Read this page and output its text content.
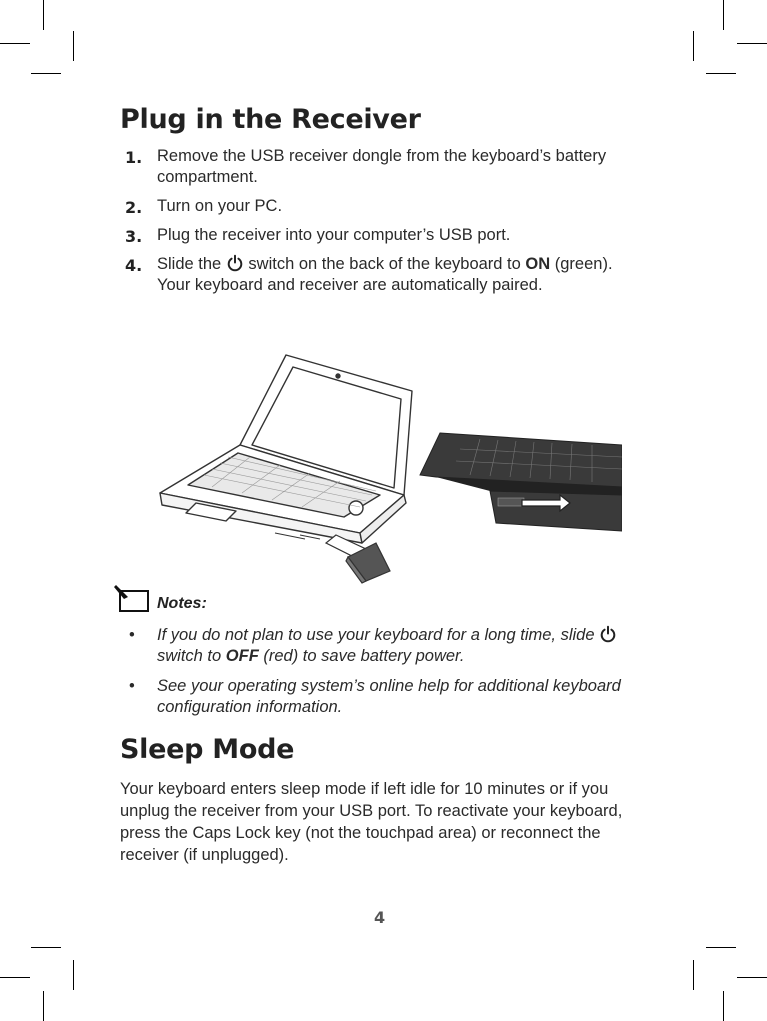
Plug in the Receiver
1. Remove the USB receiver dongle from the keyboard’s battery compartment.
2. Turn on your PC.
3. Plug the receiver into your computer’s USB port.
4. Slide the switch on the back of the keyboard to ON (green). Your keyboard and receiver are automatically paired.
Notes:
• If you do not plan to use your keyboard for a long time, slide  switch to OFF (red) to save battery power.
• See your operating system’s online help for additional keyboard configuration information.
Sleep Mode

Your keyboard enters sleep mode if left idle for 10 minutes or if you unplug the receiver from your USB port. To reactivate your keyboard, press the Caps Lock key (not the touchpad area) or reconnect the receiver (if unplugged).

4
